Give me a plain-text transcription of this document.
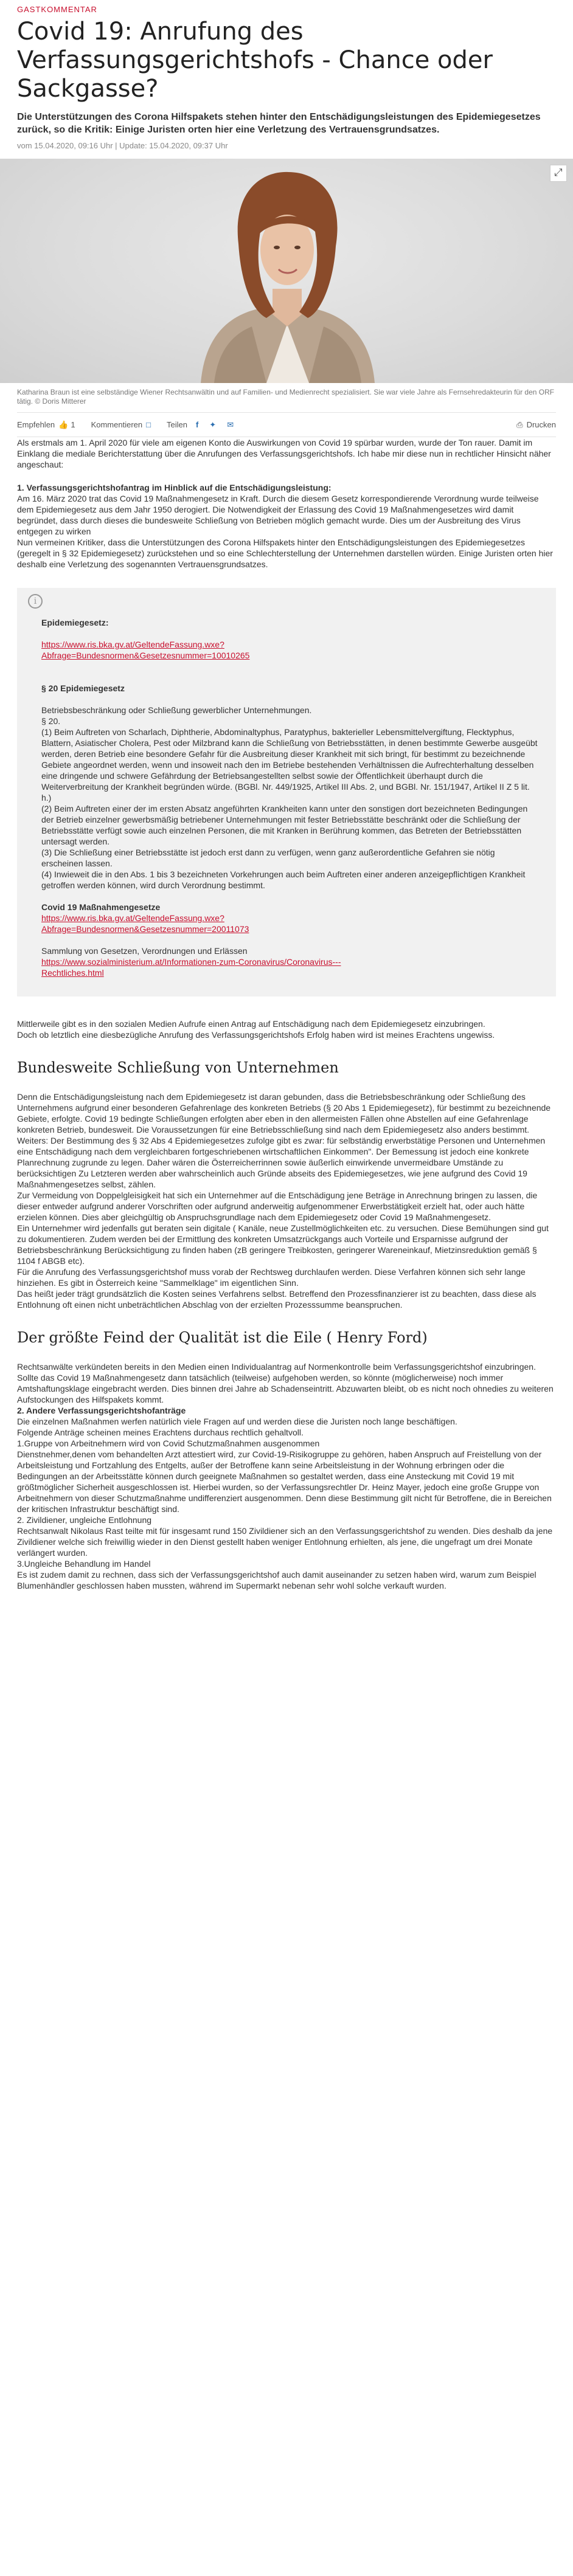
GASTKOMMENTAR
Covid 19: Anrufung des Verfassungsgerichtshofs - Chance oder Sackgasse?
Die Unterstützungen des Corona Hilfspakets stehen hinter den Entschädigungsleistungen des Epidemiegesetzes zurück, so die Kritik: Einige Juristen orten hier eine Verletzung des Vertrauensgrundsatzes.
vom 15.04.2020, 09:16 Uhr | Update: 15.04.2020, 09:37 Uhr
⤢
Katharina Braun ist eine selbständige Wiener Rechtsanwältin und auf Familien- und Medienrecht spezialisiert. Sie war viele Jahre als Fernsehredakteurin für den ORF tätig. © Doris Mitterer
Empfehlen 👍 1 Kommentieren □ Teilen f ✦ ✉	⎙ Drucken

Als erstmals am 1. April 2020 für viele am eigenen Konto die Auswirkungen von Covid 19 spürbar wurden, wurde der Ton rauer. Damit im Einklang die mediale Berichterstattung über die Anrufungen des Verfassungsgerichtshofs. Ich habe mir diese nun in rechtlicher Hinsicht näher angeschaut:

1. Verfassungsgerichtshofantrag im Hinblick auf die Entschädigungsleistung:

Am 16. März 2020 trat das Covid 19 Maßnahmengesetz in Kraft. Durch die diesem Gesetz korrespondierende Verordnung wurde teilweise dem Epidemiegesetz aus dem Jahr 1950 derogiert. Die Notwendigkeit der Erlassung des Covid 19 Maßnahmengesetzes wird damit begründet, dass durch dieses die bundesweite Schließung von Betrieben möglich gemacht wurde. Dies um der Ausbreitung des Virus entgegen zu wirken

Nun vermeinen Kritiker, dass die Unterstützungen des Corona Hilfspakets hinter den Entschädigungsleistungen des Epidemiegesetzes (geregelt in § 32 Epidemiegesetz) zurückstehen und so eine Schlechterstellung der Unternehmen darstellen würden. Einige Juristen orten hier deshalb eine Verletzung des sogenannten Vertrauensgrundsatzes.

i

Epidemiegesetz:

https://www.ris.bka.gv.at/GeltendeFassung.wxe?
Abfrage=Bundesnormen&Gesetzesnummer=10010265

§ 20 Epidemiegesetz

Betriebsbeschränkung oder Schließung gewerblicher Unternehmungen.

§ 20.

(1) Beim Auftreten von Scharlach, Diphtherie, Abdominaltyphus, Paratyphus, bakterieller Lebensmittelvergiftung, Flecktyphus, Blattern, Asiatischer Cholera, Pest oder Milzbrand kann die Schließung von Betriebsstätten, in denen bestimmte Gewerbe ausgeübt werden, deren Betrieb eine besondere Gefahr für die Ausbreitung dieser Krankheit mit sich bringt, für bestimmt zu bezeichnende Gebiete angeordnet werden, wenn und insoweit nach den im Betriebe bestehenden Verhältnissen die Aufrechterhaltung desselben eine dringende und schwere Gefährdung der Betriebsangestellten selbst sowie der Öffentlichkeit überhaupt durch die Weiterverbreitung der Krankheit begründen würde. (BGBl. Nr. 449/1925, Artikel III Abs. 2, und BGBl. Nr. 151/1947, Artikel II Z 5 lit. h.)

(2) Beim Auftreten einer der im ersten Absatz angeführten Krankheiten kann unter den sonstigen dort bezeichneten Bedingungen der Betrieb einzelner gewerbsmäßig betriebener Unternehmungen mit fester Betriebsstätte beschränkt oder die Schließung der Betriebsstätte verfügt sowie auch einzelnen Personen, die mit Kranken in Berührung kommen, das Betreten der Betriebsstätten untersagt werden.

(3) Die Schließung einer Betriebsstätte ist jedoch erst dann zu verfügen, wenn ganz außerordentliche Gefahren sie nötig erscheinen lassen.

(4) Inwieweit die in den Abs. 1 bis 3 bezeichneten Vorkehrungen auch beim Auftreten einer anderen anzeigepflichtigen Krankheit getroffen werden können, wird durch Verordnung bestimmt.

Covid 19 Maßnahmengesetze

https://www.ris.bka.gv.at/GeltendeFassung.wxe?
Abfrage=Bundesnormen&Gesetzesnummer=20011073

Sammlung von Gesetzen, Verordnungen und Erlässen

https://www.sozialministerium.at/Informationen-zum-Coronavirus/Coronavirus---
Rechtliches.html

Mittlerweile gibt es in den sozialen Medien Aufrufe einen Antrag auf Entschädigung nach dem Epidemiegesetz einzubringen.

Doch ob letztlich eine diesbezügliche Anrufung des Verfassungsgerichtshofs Erfolg haben wird ist meines Erachtens ungewiss.

Bundesweite Schließung von Unternehmen

Denn die Entschädigungsleistung nach dem Epidemiegesetz ist daran gebunden, dass die Betriebsbeschränkung oder Schließung des Unternehmens aufgrund einer besonderen Gefahrenlage des konkreten Betriebs (§ 20 Abs 1 Epidemiegesetz), für bestimmt zu bezeichnende Gebiete, erfolgte. Covid 19 bedingte Schließungen erfolgten aber eben in den allermeisten Fällen ohne Abstellen auf eine Gefahrenlage konkreten Betrieb, bundesweit. Die Voraussetzungen für eine Betriebsschließung sind nach dem Epidemiegesetz also anders bestimmt.

Weiters: Der Bestimmung des § 32 Abs 4 Epidemiegesetzes zufolge gibt es zwar: für selbständig erwerbstätige Personen und Unternehmen eine Entschädigung nach dem vergleichbaren fortgeschriebenen wirtschaftlichen Einkommen". Der Bemessung ist jedoch eine konkrete Planrechnung zugrunde zu legen. Daher wären die Österreicherrinnen sowie äußerlich einwirkende unvermeidbare Umstände zu berücksichtigen Zu Letzteren werden aber wahrscheinlich auch Gründe abseits des Epidemiegesetzes, wie jene aufgrund des Covid 19 Maßnahmengesetzes selbst, zählen.

Zur Vermeidung von Doppelgleisigkeit hat sich ein Unternehmer auf die Entschädigung jene Beträge in Anrechnung bringen zu lassen, die dieser entweder aufgrund anderer Vorschriften oder aufgrund anderweitig aufgenommener Erwerbstätigkeit erzielt hat, oder auch hätte erzielen können. Dies aber gleichgültig ob Anspruchsgrundlage nach dem Epidemiegesetz oder Covid 19 Maßnahmengesetz.

Ein Unternehmer wird jedenfalls gut beraten sein digitale ( Kanäle, neue Zustellmöglichkeiten etc. zu versuchen. Diese Bemühungen sind gut zu dokumentieren. Zudem werden bei der Ermittlung des konkreten Umsatzrückgangs auch Vorteile und Ersparnisse aufgrund der Betriebsbeschränkung Berücksichtigung zu finden haben (zB geringere Treibkosten, geringerer Wareneinkauf, Mietzinsreduktion gemäß § 1104 f ABGB etc).

Für die Anrufung des Verfassungsgerichtshof muss vorab der Rechtsweg durchlaufen werden. Diese Verfahren können sich sehr lange hinziehen. Es gibt in Österreich keine "Sammelklage" im eigentlichen Sinn.

Das heißt jeder trägt grundsätzlich die Kosten seines Verfahrens selbst. Betreffend den Prozessfinanzierer ist zu beachten, dass diese als Entlohnung oft einen nicht unbeträchtlichen Abschlag von der erzielten Prozesssumme beanspruchen.

Der größte Feind der Qualität ist die Eile ( Henry Ford)

Rechtsanwälte verkündeten bereits in den Medien einen Individualantrag auf Normenkontrolle beim Verfassungsgerichtshof einzubringen.

Sollte das Covid 19 Maßnahmengesetz dann tatsächlich (teilweise) aufgehoben werden, so könnte (möglicherweise) noch immer Amtshaftungsklage eingebracht werden. Dies binnen drei Jahre ab Schadenseintritt. Abzuwarten bleibt, ob es nicht noch ohnedies zu weiteren Aufstockungen des Hilfspakets kommt.

2. Andere Verfassungsgerichtshofanträge

Die einzelnen Maßnahmen werfen natürlich viele Fragen auf und werden diese die Juristen noch lange beschäftigen.

Folgende Anträge scheinen meines Erachtens durchaus rechtlich gehaltvoll.

1.Gruppe von Arbeitnehmern wird von Covid Schutzmaßnahmen ausgenommen

Dienstnehmer,denen vom behandelten Arzt attestiert wird, zur Covid-19-Risikogruppe zu gehören, haben Anspruch auf Freistellung von der Arbeitsleistung und Fortzahlung des Entgelts, außer der Betroffene kann seine Arbeitsleistung in der Wohnung erbringen oder die Bedingungen an der Arbeitsstätte können durch geeignete Maßnahmen so gestaltet werden, dass eine Ansteckung mit Covid 19 mit größtmöglicher Sicherheit ausgeschlossen ist. Hierbei wurden, so der Verfassungsrechtler Dr. Heinz Mayer, jedoch eine große Gruppe von Arbeitnehmern von dieser Schutzmaßnahme undifferenziert ausgenommen. Denn diese Bestimmung gilt nicht für Betroffene, die in Bereichen der kritischen Infrastruktur beschäftigt sind.

2. Zivildiener, ungleiche Entlohnung

Rechtsanwalt Nikolaus Rast teilte mit für insgesamt rund 150 Zivildiener sich an den Verfassungsgerichtshof zu wenden. Dies deshalb da jene Zivildiener welche sich freiwillig wieder in den Dienst gestellt haben weniger Entlohnung erhielten, als jene, die ungefragt um drei Monate verlängert wurden.

3.Ungleiche Behandlung im Handel

Es ist zudem damit zu rechnen, dass sich der Verfassungsgerichtshof auch damit auseinander zu setzen haben wird, warum zum Beispiel Blumenhändler geschlossen haben mussten, während im Supermarkt nebenan sehr wohl solche verkauft wurden.
